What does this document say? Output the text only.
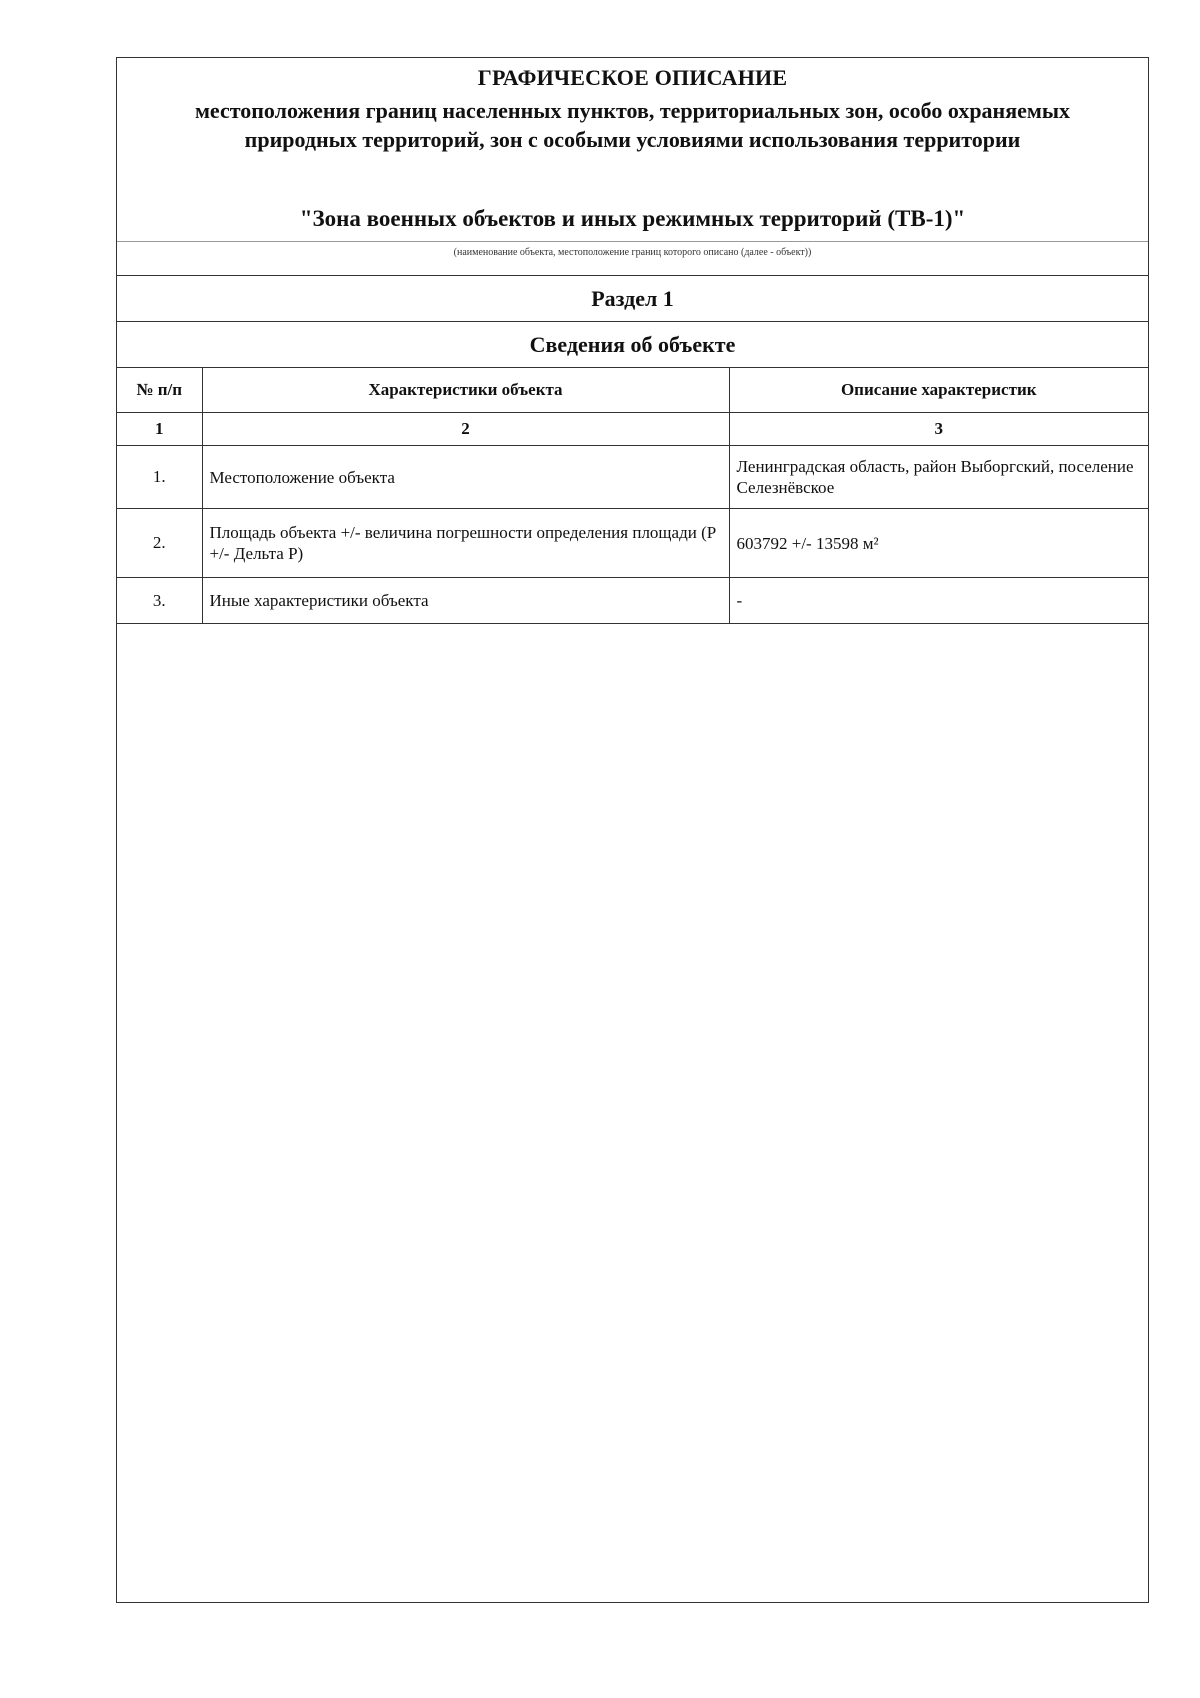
ГРАФИЧЕСКОЕ ОПИСАНИЕ
местоположения границ населенных пунктов, территориальных зон, особо охраняемых природных территорий, зон с особыми условиями использования территории
"Зона военных объектов и иных режимных территорий (ТВ-1)"
(наименование объекта, местоположение границ которого описано (далее - объект))
Раздел 1
Сведения об объекте
№ п/п	Характеристики объекта	Описание характеристик
1	2	3
1.	Местоположение объекта	Ленинградская область, район Выборгский, поселение Селезнёвское
2.	Площадь объекта +/- величина погрешности определения площади (Р +/- Дельта Р)	603792 +/- 13598 м²
3.	Иные характеристики объекта	-
